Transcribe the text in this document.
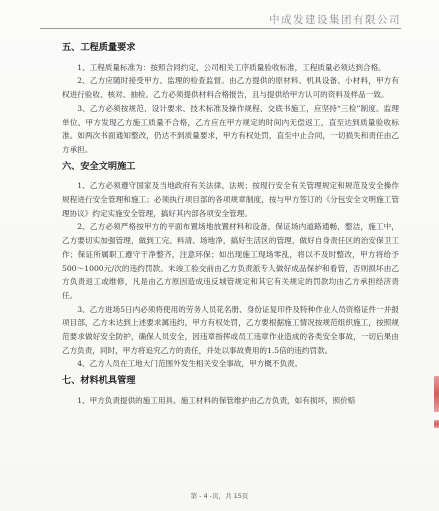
中成发建设集团有限公司
五、工程质量要求

1、工程质量标准为：按照合同约定、公司相关工序质量验收标准，工程质量必须达到合格。

2、乙方应随时接受甲方、监理的检查监督。由乙方提供的原材料、机具设备、小材料，甲方有权进行验收、核对、抽检。乙方必须提供材料合格报告，且与提供给甲方认可的资料及样品一致。

3、乙方必须按规范、设计要求、技术标准及操作规程、交底书施工，应坚持“三检”制度。监理单位、甲方发现乙方施工质量不合格，乙方应在甲方规定的时间内无偿返工，直至达到质量验收标准。如两次书面通知整改，仍达不到质量要求，甲方有权处罚，直至中止合同，一切损失和责任由乙方承担。

六、安全文明施工

1、乙方必须遵守国家及当地政府有关法律、法规；按现行安全有关管理规定和规范及安全操作规程进行安全管理和施工；必须执行项目部的各项规章制度，按与甲方签订的《分包安全文明施工管理协议》约定实施安全管理，搞好其内部各项安全管理。

2、乙方必须严格按甲方的平面布置场地放置材料和设备，保证场内道路通畅，整洁，施工中，乙方要切实加强管理，做到工完、料清、场地净，搞好生活区的管理，做好自身责任区的治安保卫工作；保证所属职工遵守干净整齐，注意环保；如出现施工现场零乱，将以不及时整改，甲方将给予500～1000元/次的违约罚款。未竣工验交前由乙方负责派专人做好成品保护和看管，否则损坏由乙方负责返工或维修，凡是由乙方原因造成违反城管规定和其它有关规定的罚款均由乙方承担经济责任。

3、乙方进场5日内必须将使用的劳务人员花名册、身份证复印件及特种作业人员资格证件一并报项目部，乙方未达到上述要求属违约，甲方有权处罚，乙方要根据施工情况按规范组织施工，按照规范要求做好安全防护，确保人员安全，因违章指挥或员工违章作业造成的各类安全事故，一切后果由乙方负责，同时，甲方将追究乙方的责任，并处以事故费用的1.5倍的违约罚款。

4、乙方人员在工地大门范围外发生相关安全事故，甲方概不负责。

七、材料机具管理

1、甲方负责提供的施工用具、施工材料的保管维护由乙方负责，如有损坏，照价赔

第 - 4 -页，共 15页
